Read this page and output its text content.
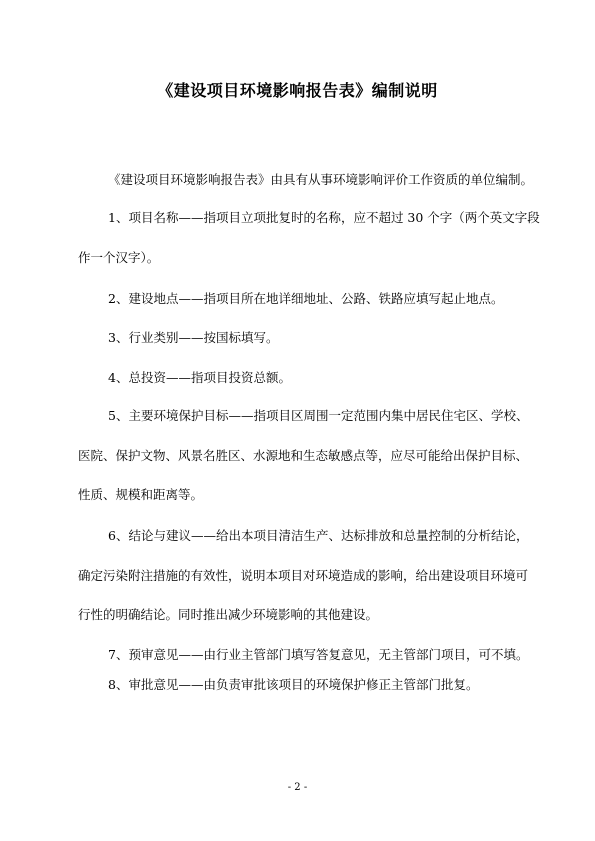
《建设项目环境影响报告表》编制说明
《建设项目环境影响报告表》由具有从事环境影响评价工作资质的单位编制。
1、项目名称——指项目立项批复时的名称，应不超过 30 个字（两个英文字段
作一个汉字）。
2、建设地点——指项目所在地详细地址、公路、铁路应填写起止地点。
3、行业类别——按国标填写。
4、总投资——指项目投资总额。
5、主要环境保护目标——指项目区周围一定范围内集中居民住宅区、学校、
医院、保护文物、风景名胜区、水源地和生态敏感点等，应尽可能给出保护目标、
性质、规模和距离等。
6、结论与建议——给出本项目清洁生产、达标排放和总量控制的分析结论，
确定污染附注措施的有效性，说明本项目对环境造成的影响，给出建设项目环境可
行性的明确结论。同时推出减少环境影响的其他建设。
7、预审意见——由行业主管部门填写答复意见，无主管部门项目，可不填。
8、审批意见——由负责审批该项目的环境保护修正主管部门批复。
- 2 -
